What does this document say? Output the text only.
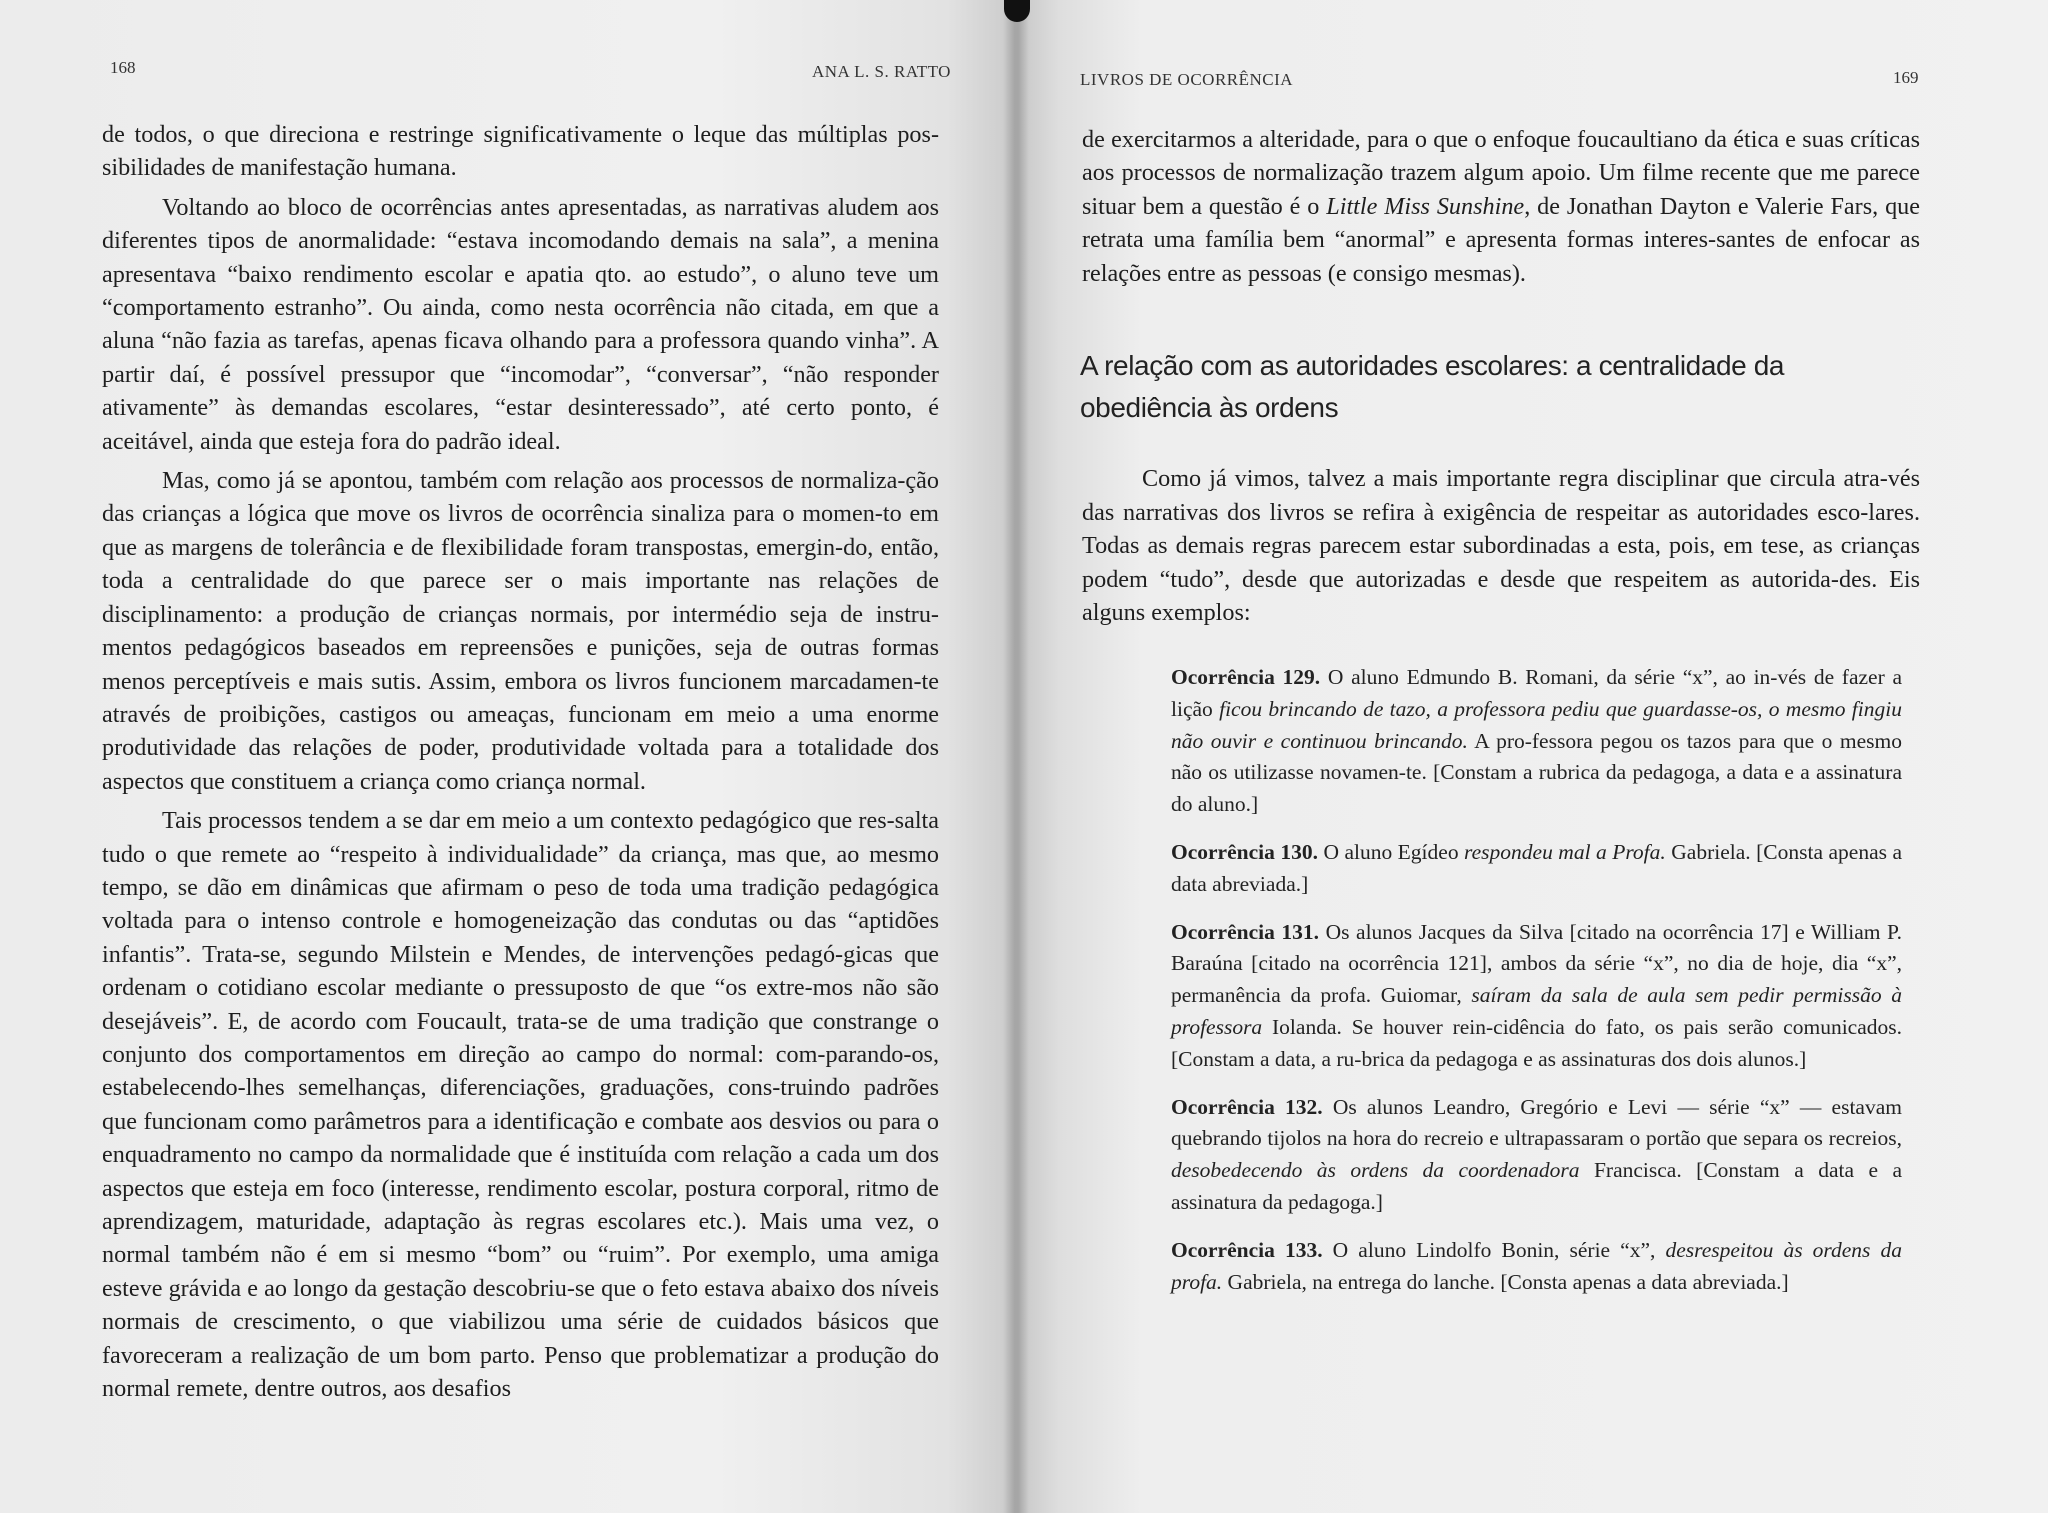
168	ANA L. S. RATTO

de todos, o que direciona e restringe significativamente o leque das múltiplas pos-sibilidades de manifestação humana.

Voltando ao bloco de ocorrências antes apresentadas, as narrativas aludem aos diferentes tipos de anormalidade: “estava incomodando demais na sala”, a menina apresentava “baixo rendimento escolar e apatia qto. ao estudo”, o aluno teve um “comportamento estranho”. Ou ainda, como nesta ocorrência não citada, em que a aluna “não fazia as tarefas, apenas ficava olhando para a professora quando vinha”. A partir daí, é possível pressupor que “incomodar”, “conversar”, “não responder ativamente” às demandas escolares, “estar desinteressado”, até certo ponto, é aceitável, ainda que esteja fora do padrão ideal.

Mas, como já se apontou, também com relação aos processos de normaliza-ção das crianças a lógica que move os livros de ocorrência sinaliza para o momen-to em que as margens de tolerância e de flexibilidade foram transpostas, emergin-do, então, toda a centralidade do que parece ser o mais importante nas relações de disciplinamento: a produção de crianças normais, por intermédio seja de instru-mentos pedagógicos baseados em repreensões e punições, seja de outras formas menos perceptíveis e mais sutis. Assim, embora os livros funcionem marcadamen-te através de proibições, castigos ou ameaças, funcionam em meio a uma enorme produtividade das relações de poder, produtividade voltada para a totalidade dos aspectos que constituem a criança como criança normal.

Tais processos tendem a se dar em meio a um contexto pedagógico que res-salta tudo o que remete ao “respeito à individualidade” da criança, mas que, ao mesmo tempo, se dão em dinâmicas que afirmam o peso de toda uma tradição pedagógica voltada para o intenso controle e homogeneização das condutas ou das “aptidões infantis”. Trata-se, segundo Milstein e Mendes, de intervenções pedagó-gicas que ordenam o cotidiano escolar mediante o pressuposto de que “os extre-mos não são desejáveis”. E, de acordo com Foucault, trata-se de uma tradição que constrange o conjunto dos comportamentos em direção ao campo do normal: com-parando-os, estabelecendo-lhes semelhanças, diferenciações, graduações, cons-truindo padrões que funcionam como parâmetros para a identificação e combate aos desvios ou para o enquadramento no campo da normalidade que é instituída com relação a cada um dos aspectos que esteja em foco (interesse, rendimento escolar, postura corporal, ritmo de aprendizagem, maturidade, adaptação às regras escolares etc.). Mais uma vez, o normal também não é em si mesmo “bom” ou “ruim”. Por exemplo, uma amiga esteve grávida e ao longo da gestação descobriu-se que o feto estava abaixo dos níveis normais de crescimento, o que viabilizou uma série de cuidados básicos que favoreceram a realização de um bom parto. Penso que problematizar a produção do normal remete, dentre outros, aos desafios

LIVROS DE OCORRÊNCIA	169

de exercitarmos a alteridade, para o que o enfoque foucaultiano da ética e suas críticas aos processos de normalização trazem algum apoio. Um filme recente que me parece situar bem a questão é o Little Miss Sunshine, de Jonathan Dayton e Valerie Fars, que retrata uma família bem “anormal” e apresenta formas interes-santes de enfocar as relações entre as pessoas (e consigo mesmas).

A relação com as autoridades escolares: a centralidade da obediência às ordens

Como já vimos, talvez a mais importante regra disciplinar que circula atra-vés das narrativas dos livros se refira à exigência de respeitar as autoridades esco-lares. Todas as demais regras parecem estar subordinadas a esta, pois, em tese, as crianças podem “tudo”, desde que autorizadas e desde que respeitem as autorida-des. Eis alguns exemplos:

Ocorrência 129. O aluno Edmundo B. Romani, da série “x”, ao in-vés de fazer a lição ficou brincando de tazo, a professora pediu que guardasse-os, o mesmo fingiu não ouvir e continuou brincando. A pro-fessora pegou os tazos para que o mesmo não os utilizasse novamen-te. [Constam a rubrica da pedagoga, a data e a assinatura do aluno.]

Ocorrência 130. O aluno Egídeo respondeu mal a Profa. Gabriela. [Consta apenas a data abreviada.]

Ocorrência 131. Os alunos Jacques da Silva [citado na ocorrência 17] e William P. Baraúna [citado na ocorrência 121], ambos da série “x”, no dia de hoje, dia “x”, permanência da profa. Guiomar, saíram da sala de aula sem pedir permissão à professora Iolanda. Se houver rein-cidência do fato, os pais serão comunicados. [Constam a data, a ru-brica da pedagoga e as assinaturas dos dois alunos.]

Ocorrência 132. Os alunos Leandro, Gregório e Levi — série “x” — estavam quebrando tijolos na hora do recreio e ultrapassaram o portão que separa os recreios, desobedecendo às ordens da coordenadora Francisca. [Constam a data e a assinatura da pedagoga.]

Ocorrência 133. O aluno Lindolfo Bonin, série “x”, desrespeitou às ordens da profa. Gabriela, na entrega do lanche. [Consta apenas a data abreviada.]
